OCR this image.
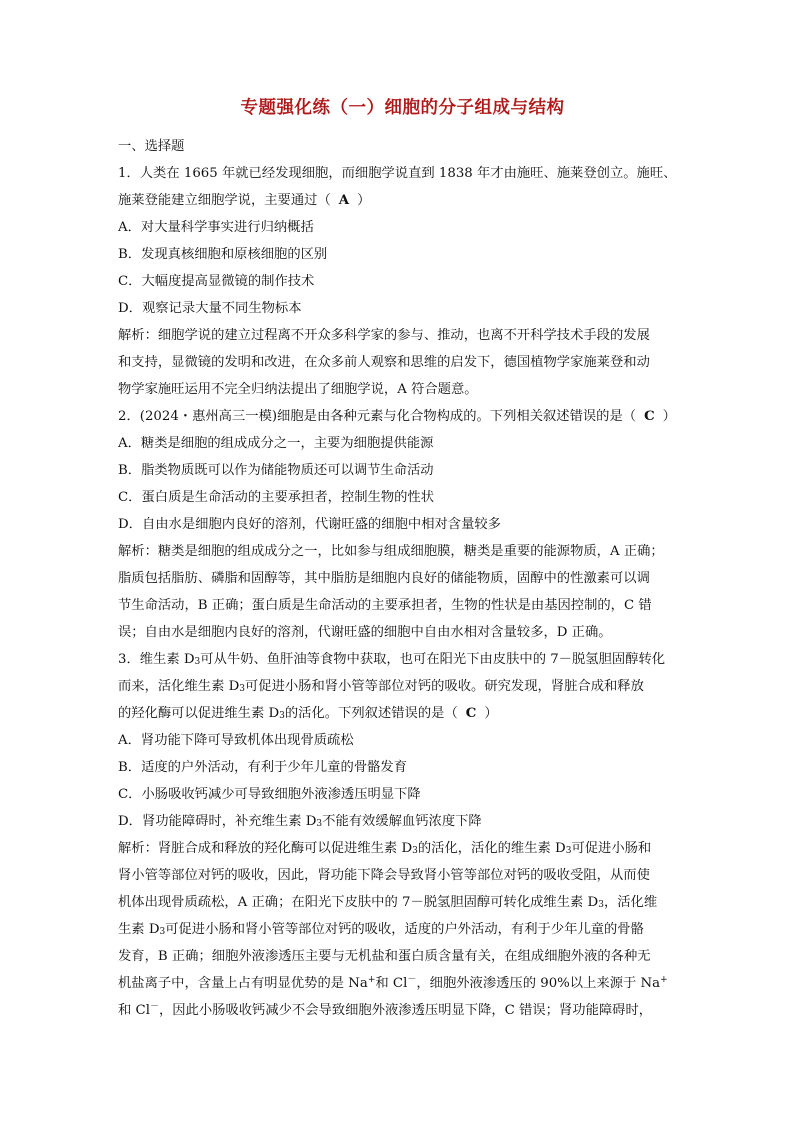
专题强化练（一）细胞的分子组成与结构

一、选择题

1．人类在 1665 年就已经发现细胞，而细胞学说直到 1838 年才由施旺、施莱登创立。施旺、

施莱登能建立细胞学说，主要通过（ A ）

A．对大量科学事实进行归纳概括

B．发现真核细胞和原核细胞的区别

C．大幅度提高显微镜的制作技术

D．观察记录大量不同生物标本

解析：细胞学说的建立过程离不开众多科学家的参与、推动，也离不开科学技术手段的发展

和支持，显微镜的发明和改进，在众多前人观察和思维的启发下，德国植物学家施莱登和动

物学家施旺运用不完全归纳法提出了细胞学说，A 符合题意。

2．(2024・惠州高三一模)细胞是由各种元素与化合物构成的。下列相关叙述错误的是（ C ）

A．糖类是细胞的组成成分之一，主要为细胞提供能源

B．脂类物质既可以作为储能物质还可以调节生命活动

C．蛋白质是生命活动的主要承担者，控制生物的性状

D．自由水是细胞内良好的溶剂，代谢旺盛的细胞中相对含量较多

解析：糖类是细胞的组成成分之一，比如参与组成细胞膜，糖类是重要的能源物质，A 正确；

脂质包括脂肪、磷脂和固醇等，其中脂肪是细胞内良好的储能物质，固醇中的性激素可以调

节生命活动，B 正确；蛋白质是生命活动的主要承担者，生物的性状是由基因控制的，C 错

误；自由水是细胞内良好的溶剂，代谢旺盛的细胞中自由水相对含量较多，D 正确。

3．维生素 $D_3$可从牛奶、鱼肝油等食物中获取，也可在阳光下由皮肤中的 7－脱氢胆固醇转化

而来，活化维生素 $D_3$可促进小肠和肾小管等部位对钙的吸收。研究发现，肾脏合成和释放

的羟化酶可以促进维生素 $D_3$的活化。下列叙述错误的是（ C ）

A．肾功能下降可导致机体出现骨质疏松

B．适度的户外活动，有利于少年儿童的骨骼发育

C．小肠吸收钙减少可导致细胞外液渗透压明显下降

D．肾功能障碍时，补充维生素 $D_3$不能有效缓解血钙浓度下降

解析：肾脏合成和释放的羟化酶可以促进维生素 $D_3$的活化，活化的维生素 $D_3$可促进小肠和

肾小管等部位对钙的吸收，因此，肾功能下降会导致肾小管等部位对钙的吸收受阻，从而使

机体出现骨质疏松，A 正确；在阳光下皮肤中的 7－脱氢胆固醇可转化成维生素 $D_3$，活化维

生素 $D_3$可促进小肠和肾小管等部位对钙的吸收，适度的户外活动，有利于少年儿童的骨骼

发育，B 正确；细胞外液渗透压主要与无机盐和蛋白质含量有关，在组成细胞外液的各种无

机盐离子中，含量上占有明显优势的是 Na+和 Cl－，细胞外液渗透压的 90%以上来源于 Na+

和 Cl－，因此小肠吸收钙减少不会导致细胞外液渗透压明显下降，C 错误；肾功能障碍时，
